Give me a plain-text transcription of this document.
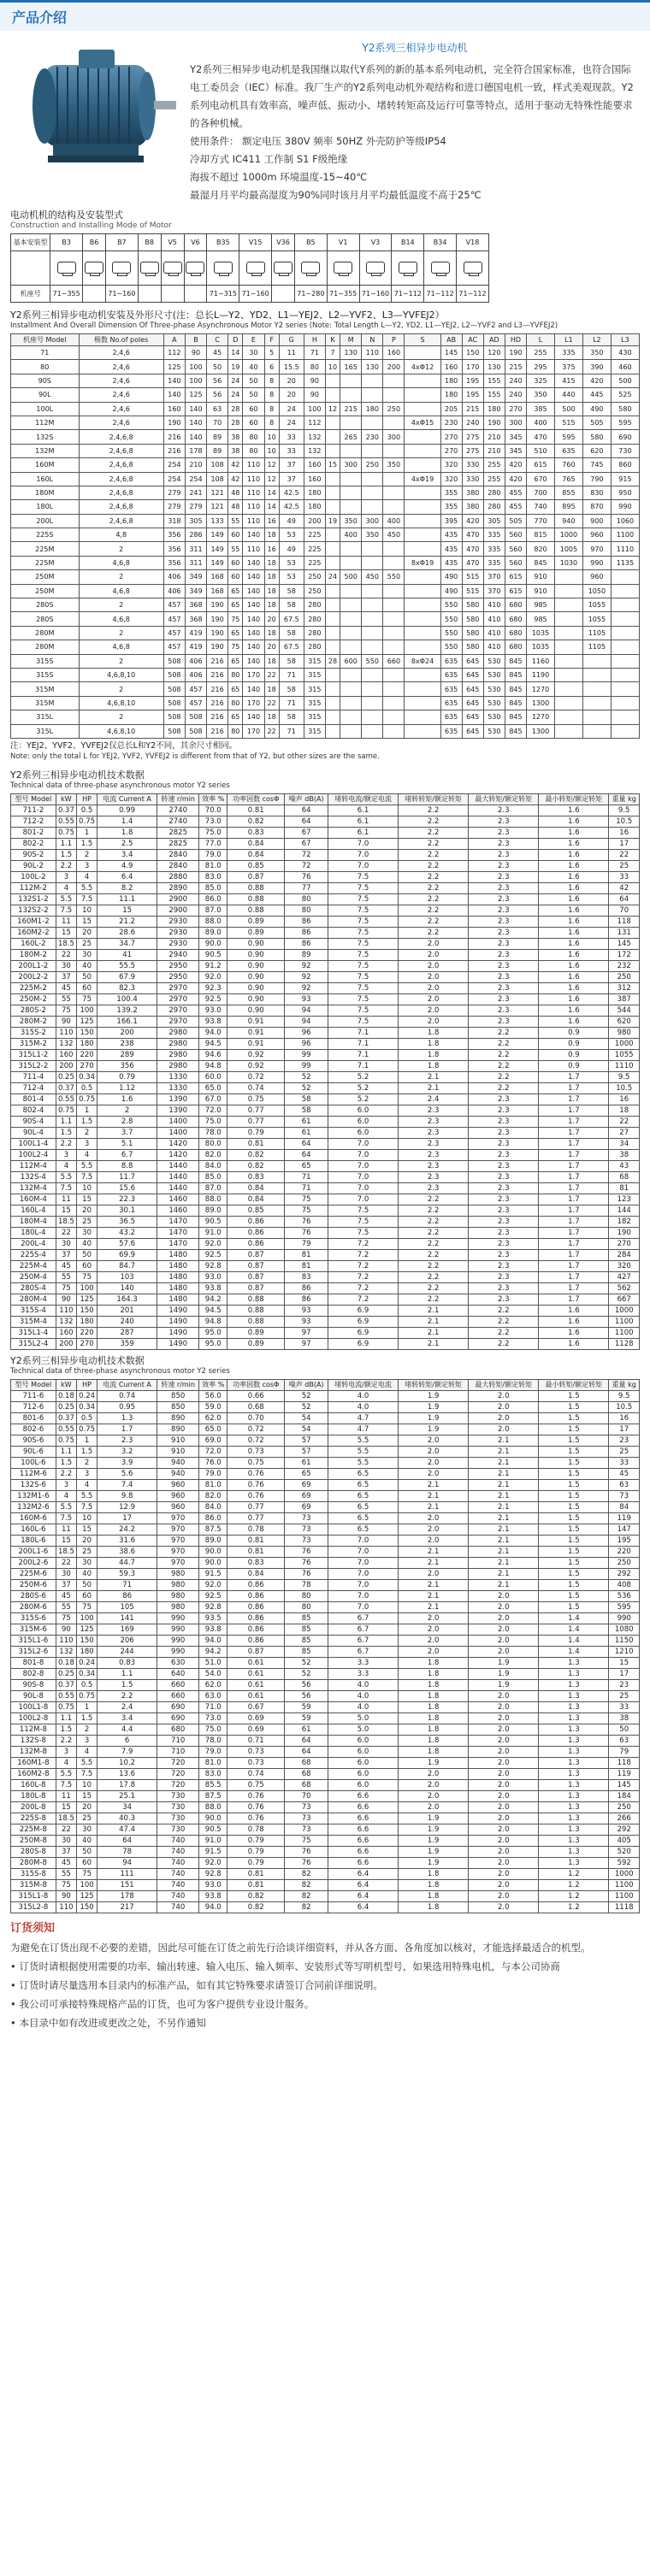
产品介绍
Y2系列三相异步电动机
Y2系列三相异步电动机是我国继以取代Y系列的新的基本系列电动机，完全符合国家标准，也符合国际电工委员会（IEC）标准。我厂生产的Y2系列电动机外观结构和进口德国电机一致，样式美观现款。Y2系列电动机具有效率高，噪声低、振动小、堵转转矩高及运行可靠等特点，适用于驱动无特殊性能要求的各种机械。
使用条件： 额定电压 380V 频率 50HZ 外壳防护等级IP54
冷却方式 IC411 工作制 S1 F级绝缘
海拔不超过 1000m 环境温度-15~40℃
最湿月月平均最高湿度为90%同时该月月平均最低温度不高于25℃
电动机机的结构及安装型式
Construction and Installing Mode of Motor
基本安装型	B3	B6	B7	B8	V5	V6	B35	V15	V36	B5	V1	V3	B14	B34	V18

机座号	71~355		71~160				71~315	71~160		71~280	71~355	71~160	71~112	71~112	71~112
Y2系列三相异步电动机安装及外形尺寸(注：总长L—Y2、YD2、L1—YEJ2、L2—YVF2、L3—YVFEJ2）
Installment And Overall Dimension Of Three-phase Asynchronous Motor Y2 series (Note: Total Length L—Y2, YD2, L1—YEJ2, L2—YVF2 and L3—YVFEJ2)
机座号 Model	极数 No.of poles	A	B	C	D	E	F	G	H	K	M	N	P	S	AB	AC	AD	HD	L	L1	L2	L3
71	2,4,6	112	90	45	14	30	5	11	71	7	130	110	160		145	150	120	190	255	335	350	430
80	2,4,6	125	100	50	19	40	6	15.5	80	10	165	130	200	4xΦ12	160	170	130	215	295	375	390	460
90S	2,4,6	140	100	56	24	50	8	20	90						180	195	155	240	325	415	420	500
90L	2,4,6	140	125	56	24	50	8	20	90						180	195	155	240	350	440	445	525
100L	2,4,6	160	140	63	28	60	8	24	100	12	215	180	250		205	215	180	270	385	500	490	580
112M	2,4,6	190	140	70	28	60	8	24	112					4xΦ15	230	240	190	300	400	515	505	595
132S	2,4,6,8	216	140	89	38	80	10	33	132		265	230	300		270	275	210	345	470	595	580	690
132M	2,4,6,8	216	178	89	38	80	10	33	132						270	275	210	345	510	635	620	730
160M	2,4,6,8	254	210	108	42	110	12	37	160	15	300	250	350		320	330	255	420	615	760	745	860
160L	2,4,6,8	254	254	108	42	110	12	37	160					4xΦ19	320	330	255	420	670	765	790	915
180M	2,4,6,8	279	241	121	48	110	14	42.5	180						355	380	280	455	700	855	830	950
180L	2,4,6,8	279	279	121	48	110	14	42.5	180						355	380	280	455	740	895	870	990
200L	2,4,6,8	318	305	133	55	110	16	49	200	19	350	300	400		395	420	305	505	770	940	900	1060
225S	4,8	356	286	149	60	140	18	53	225		400	350	450		435	470	335	560	815	1000	960	1100
225M	2	356	311	149	55	110	16	49	225						435	470	335	560	820	1005	970	1110
225M	4,6,8	356	311	149	60	140	18	53	225					8xΦ19	435	470	335	560	845	1030	990	1135
250M	2	406	349	168	60	140	18	53	250	24	500	450	550		490	515	370	615	910		960	
250M	4,6,8	406	349	168	65	140	18	58	250						490	515	370	615	910		1050	
280S	2	457	368	190	65	140	18	58	280						550	580	410	680	985		1055	
280S	4,6,8	457	368	190	75	140	20	67.5	280						550	580	410	680	985		1055	
280M	2	457	419	190	65	140	18	58	280						550	580	410	680	1035		1105	
280M	4,6,8	457	419	190	75	140	20	67.5	280						550	580	410	680	1035		1105	
315S	2	508	406	216	65	140	18	58	315	28	600	550	660	8xΦ24	635	645	530	845	1160			
315S	4,6,8,10	508	406	216	80	170	22	71	315						635	645	530	845	1190			
315M	2	508	457	216	65	140	18	58	315						635	645	530	845	1270			
315M	4,6,8,10	508	457	216	80	170	22	71	315						635	645	530	845	1300			
315L	2	508	508	216	65	140	18	58	315						635	645	530	845	1270			
315L	4,6,8,10	508	508	216	80	170	22	71	315						635	645	530	845	1300			
注：YEJ2、YVF2、YVFEJ2仅总长L和Y2不同，其余尺寸相同。
Note: only the total L for YEJ2, YVF2, YVFEJ2 is different from that of Y2, but other sizes are the same.
Y2系列三相异步电动机技术数据
Technical data of three-phase asynchronous motor Y2 series
型号 Model	kW	HP	电流 Current A	转速 r/min	效率 %	功率因数 cosΦ	噪声 dB(A)	堵转电流/额定电流	堵转转矩/额定转矩	最大转矩/额定转矩	最小转矩/额定转矩	重量 kg
711-2	0.37	0.5	0.99	2740	70.0	0.81	64	6.1	2.2	2.3	1.6	9.5
712-2	0.55	0.75	1.4	2740	73.0	0.82	64	6.1	2.2	2.3	1.6	10.5
801-2	0.75	1	1.8	2825	75.0	0.83	67	6.1	2.2	2.3	1.6	16
802-2	1.1	1.5	2.5	2825	77.0	0.84	67	7.0	2.2	2.3	1.6	17
90S-2	1.5	2	3.4	2840	79.0	0.84	72	7.0	2.2	2.3	1.6	22
90L-2	2.2	3	4.9	2840	81.0	0.85	72	7.0	2.2	2.3	1.6	25
100L-2	3	4	6.4	2880	83.0	0.87	76	7.5	2.2	2.3	1.6	33
112M-2	4	5.5	8.2	2890	85.0	0.88	77	7.5	2.2	2.3	1.6	42
132S1-2	5.5	7.5	11.1	2900	86.0	0.88	80	7.5	2.2	2.3	1.6	64
132S2-2	7.5	10	15	2900	87.0	0.88	80	7.5	2.2	2.3	1.6	70
160M1-2	11	15	21.2	2930	88.0	0.89	86	7.5	2.2	2.3	1.6	118
160M2-2	15	20	28.6	2930	89.0	0.89	86	7.5	2.2	2.3	1.6	131
160L-2	18.5	25	34.7	2930	90.0	0.90	86	7.5	2.0	2.3	1.6	145
180M-2	22	30	41	2940	90.5	0.90	89	7.5	2.0	2.3	1.6	172
200L1-2	30	40	55.5	2950	91.2	0.90	92	7.5	2.0	2.3	1.6	232
200L2-2	37	50	67.9	2950	92.0	0.90	92	7.5	2.0	2.3	1.6	250
225M-2	45	60	82.3	2970	92.3	0.90	92	7.5	2.0	2.3	1.6	312
250M-2	55	75	100.4	2970	92.5	0.90	93	7.5	2.0	2.3	1.6	387
280S-2	75	100	139.2	2970	93.0	0.90	94	7.5	2.0	2.3	1.6	544
280M-2	90	125	166.1	2970	93.8	0.91	94	7.5	2.0	2.3	1.6	620
315S-2	110	150	200	2980	94.0	0.91	96	7.1	1.8	2.2	0.9	980
315M-2	132	180	238	2980	94.5	0.91	96	7.1	1.8	2.2	0.9	1000
315L1-2	160	220	289	2980	94.6	0.92	99	7.1	1.8	2.2	0.9	1055
315L2-2	200	270	356	2980	94.8	0.92	99	7.1	1.8	2.2	0.9	1110
711-4	0.25	0.34	0.79	1330	60.0	0.72	52	5.2	2.1	2.2	1.7	9.5
712-4	0.37	0.5	1.12	1330	65.0	0.74	52	5.2	2.1	2.2	1.7	10.5
801-4	0.55	0.75	1.6	1390	67.0	0.75	58	5.2	2.4	2.3	1.7	16
802-4	0.75	1	2	1390	72.0	0.77	58	6.0	2.3	2.3	1.7	18
90S-4	1.1	1.5	2.8	1400	75.0	0.77	61	6.0	2.3	2.3	1.7	22
90L-4	1.5	2	3.7	1400	78.0	0.79	61	6.0	2.3	2.3	1.7	27
100L1-4	2.2	3	5.1	1420	80.0	0.81	64	7.0	2.3	2.3	1.7	34
100L2-4	3	4	6.7	1420	82.0	0.82	64	7.0	2.3	2.3	1.7	38
112M-4	4	5.5	8.8	1440	84.0	0.82	65	7.0	2.3	2.3	1.7	43
132S-4	5.5	7.5	11.7	1440	85.0	0.83	71	7.0	2.3	2.3	1.7	68
132M-4	7.5	10	15.6	1440	87.0	0.84	71	7.0	2.3	2.3	1.7	81
160M-4	11	15	22.3	1460	88.0	0.84	75	7.0	2.2	2.3	1.7	123
160L-4	15	20	30.1	1460	89.0	0.85	75	7.5	2.2	2.3	1.7	144
180M-4	18.5	25	36.5	1470	90.5	0.86	76	7.5	2.2	2.3	1.7	182
180L-4	22	30	43.2	1470	91.0	0.86	76	7.5	2.2	2.3	1.7	190
200L-4	30	40	57.6	1470	92.0	0.86	79	7.2	2.2	2.3	1.7	270
225S-4	37	50	69.9	1480	92.5	0.87	81	7.2	2.2	2.3	1.7	284
225M-4	45	60	84.7	1480	92.8	0.87	81	7.2	2.2	2.3	1.7	320
250M-4	55	75	103	1480	93.0	0.87	83	7.2	2.2	2.3	1.7	427
280S-4	75	100	140	1480	93.8	0.87	86	7.2	2.2	2.3	1.7	562
280M-4	90	125	164.3	1480	94.2	0.88	86	7.2	2.2	2.3	1.7	667
315S-4	110	150	201	1490	94.5	0.88	93	6.9	2.1	2.2	1.6	1000
315M-4	132	180	240	1490	94.8	0.88	93	6.9	2.1	2.2	1.6	1100
315L1-4	160	220	287	1490	95.0	0.89	97	6.9	2.1	2.2	1.6	1100
315L2-4	200	270	359	1490	95.0	0.89	97	6.9	2.1	2.2	1.6	1128
Y2系列三相异步电动机技术数据
Technical data of three-phase asynchronous motor Y2 series
型号 Model	kW	HP	电流 Current A	转速 r/min	效率 %	功率因数 cosΦ	噪声 dB(A)	堵转电流/额定电流	堵转转矩/额定转矩	最大转矩/额定转矩	最小转矩/额定转矩	重量 kg
711-6	0.18	0.24	0.74	850	56.0	0.66	52	4.0	1.9	2.0	1.5	9.5
712-6	0.25	0.34	0.95	850	59.0	0.68	52	4.0	1.9	2.0	1.5	10.5
801-6	0.37	0.5	1.3	890	62.0	0.70	54	4.7	1.9	2.0	1.5	16
802-6	0.55	0.75	1.7	890	65.0	0.72	54	4.7	1.9	2.0	1.5	17
90S-6	0.75	1	2.3	910	69.0	0.72	57	5.5	2.0	2.1	1.5	23
90L-6	1.1	1.5	3.2	910	72.0	0.73	57	5.5	2.0	2.1	1.5	25
100L-6	1.5	2	3.9	940	76.0	0.75	61	5.5	2.0	2.1	1.5	33
112M-6	2.2	3	5.6	940	79.0	0.76	65	6.5	2.0	2.1	1.5	45
132S-6	3	4	7.4	960	81.0	0.76	69	6.5	2.1	2.1	1.5	63
132M1-6	4	5.5	9.8	960	82.0	0.76	69	6.5	2.1	2.1	1.5	73
132M2-6	5.5	7.5	12.9	960	84.0	0.77	69	6.5	2.1	2.1	1.5	84
160M-6	7.5	10	17	970	86.0	0.77	73	6.5	2.0	2.1	1.5	119
160L-6	11	15	24.2	970	87.5	0.78	73	6.5	2.0	2.1	1.5	147
180L-6	15	20	31.6	970	89.0	0.81	73	7.0	2.0	2.1	1.5	195
200L1-6	18.5	25	38.6	970	90.0	0.81	76	7.0	2.1	2.1	1.5	220
200L2-6	22	30	44.7	970	90.0	0.83	76	7.0	2.1	2.1	1.5	250
225M-6	30	40	59.3	980	91.5	0.84	76	7.0	2.0	2.1	1.5	292
250M-6	37	50	71	980	92.0	0.86	78	7.0	2.1	2.1	1.5	408
280S-6	45	60	86	980	92.5	0.86	80	7.0	2.1	2.0	1.5	536
280M-6	55	75	105	980	92.8	0.86	80	7.0	2.1	2.0	1.5	595
315S-6	75	100	141	990	93.5	0.86	85	6.7	2.0	2.0	1.4	990
315M-6	90	125	169	990	93.8	0.86	85	6.7	2.0	2.0	1.4	1080
315L1-6	110	150	206	990	94.0	0.86	85	6.7	2.0	2.0	1.4	1150
315L2-6	132	180	244	990	94.2	0.87	85	6.7	2.0	2.0	1.4	1210
801-8	0.18	0.24	0.83	630	51.0	0.61	52	3.3	1.8	1.9	1.3	15
802-8	0.25	0.34	1.1	640	54.0	0.61	52	3.3	1.8	1.9	1.3	17
90S-8	0.37	0.5	1.5	660	62.0	0.61	56	4.0	1.8	1.9	1.3	23
90L-8	0.55	0.75	2.2	660	63.0	0.61	56	4.0	1.8	2.0	1.3	25
100L1-8	0.75	1	2.4	690	71.0	0.67	59	4.0	1.8	2.0	1.3	33
100L2-8	1.1	1.5	3.4	690	73.0	0.69	59	5.0	1.8	2.0	1.3	38
112M-8	1.5	2	4.4	680	75.0	0.69	61	5.0	1.8	2.0	1.3	50
132S-8	2.2	3	6	710	78.0	0.71	64	6.0	1.8	2.0	1.3	63
132M-8	3	4	7.9	710	79.0	0.73	64	6.0	1.8	2.0	1.3	79
160M1-8	4	5.5	10.2	720	81.0	0.73	68	6.0	1.9	2.0	1.3	118
160M2-8	5.5	7.5	13.6	720	83.0	0.74	68	6.0	2.0	2.0	1.3	119
160L-8	7.5	10	17.8	720	85.5	0.75	68	6.0	2.0	2.0	1.3	145
180L-8	11	15	25.1	730	87.5	0.76	70	6.6	2.0	2.0	1.3	184
200L-8	15	20	34	730	88.0	0.76	73	6.6	2.0	2.0	1.3	250
225S-8	18.5	25	40.3	730	90.0	0.76	73	6.6	1.9	2.0	1.3	266
225M-8	22	30	47.4	730	90.5	0.78	73	6.6	1.9	2.0	1.3	292
250M-8	30	40	64	740	91.0	0.79	75	6.6	1.9	2.0	1.3	405
280S-8	37	50	78	740	91.5	0.79	76	6.6	1.9	2.0	1.3	520
280M-8	45	60	94	740	92.0	0.79	76	6.6	1.9	2.0	1.3	592
315S-8	55	75	111	740	92.8	0.81	82	6.4	1.8	2.0	1.2	1000
315M-8	75	100	151	740	93.0	0.81	82	6.4	1.8	2.0	1.2	1100
315L1-8	90	125	178	740	93.8	0.82	82	6.4	1.8	2.0	1.2	1100
315L2-8	110	150	217	740	94.0	0.82	82	6.4	1.8	2.0	1.2	1118
订货须知

为避免在订货出现不必要的差错，因此尽可能在订货之前先行洽谈详细资料，并从各方面、各角度加以核对，才能选择最适合的机型。

• 订货时请根据使用需要的功率、输出转速、输入电压、输入频率、安装形式等写明机型号，如果选用特殊电机，与本公司协商

• 订货时请尽量选用本目录内的标准产品，如有其它特殊要求请签订合同前详细说明。

• 我公司可承接特殊规格产品的订货，也可为客户提供专业设计服务。

• 本目录中如有改进或更改之处，不另作通知
